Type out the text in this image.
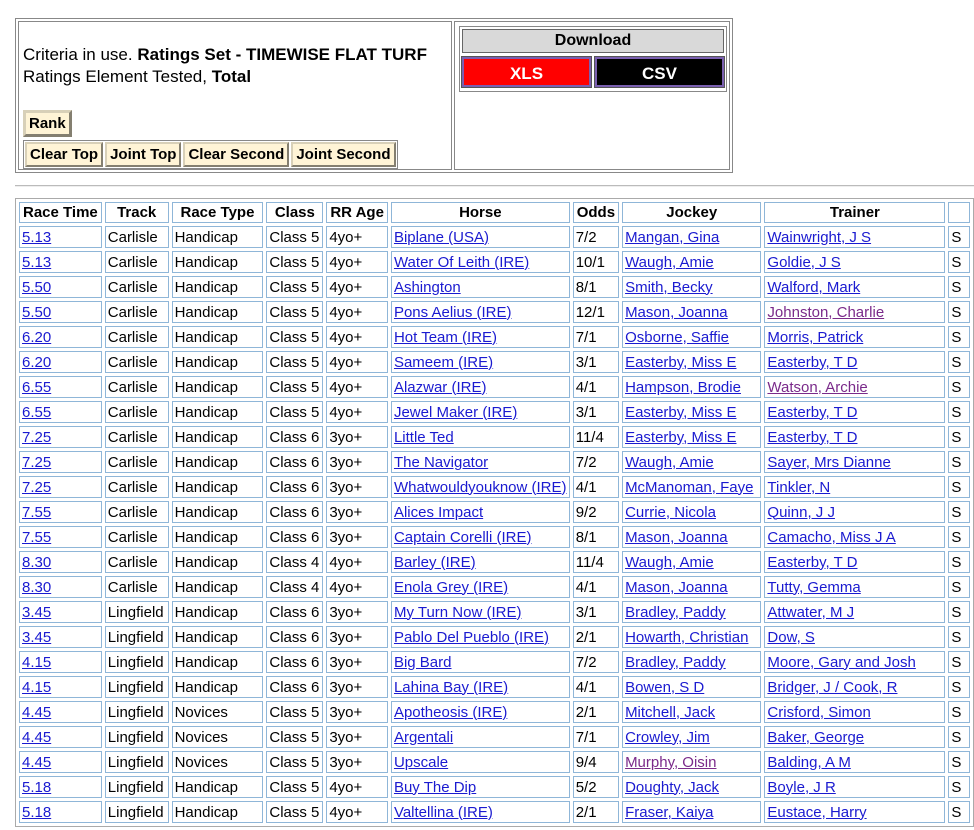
Criteria in use. Ratings Set - TIMEWISE FLAT TURF
Ratings Element Tested, Total
Rank
Clear Top Joint Top Clear Second Joint Second
Download
XLS	CSV
Race Time	Track	Race Type	Class	RR Age	Horse	Odds	Jockey	Trainer	
5.13	Carlisle	Handicap	Class 5	4yo+	Biplane (USA)	7/2	Mangan, Gina	Wainwright, J S	S
5.13	Carlisle	Handicap	Class 5	4yo+	Water Of Leith (IRE)	10/1	Waugh, Amie	Goldie, J S	S
5.50	Carlisle	Handicap	Class 5	4yo+	Ashington	8/1	Smith, Becky	Walford, Mark	S
5.50	Carlisle	Handicap	Class 5	4yo+	Pons Aelius (IRE)	12/1	Mason, Joanna	Johnston, Charlie	S
6.20	Carlisle	Handicap	Class 5	4yo+	Hot Team (IRE)	7/1	Osborne, Saffie	Morris, Patrick	S
6.20	Carlisle	Handicap	Class 5	4yo+	Sameem (IRE)	3/1	Easterby, Miss E	Easterby, T D	S
6.55	Carlisle	Handicap	Class 5	4yo+	Alazwar (IRE)	4/1	Hampson, Brodie	Watson, Archie	S
6.55	Carlisle	Handicap	Class 5	4yo+	Jewel Maker (IRE)	3/1	Easterby, Miss E	Easterby, T D	S
7.25	Carlisle	Handicap	Class 6	3yo+	Little Ted	11/4	Easterby, Miss E	Easterby, T D	S
7.25	Carlisle	Handicap	Class 6	3yo+	The Navigator	7/2	Waugh, Amie	Sayer, Mrs Dianne	S
7.25	Carlisle	Handicap	Class 6	3yo+	Whatwouldyouknow (IRE)	4/1	McManoman, Faye	Tinkler, N	S
7.55	Carlisle	Handicap	Class 6	3yo+	Alices Impact	9/2	Currie, Nicola	Quinn, J J	S
7.55	Carlisle	Handicap	Class 6	3yo+	Captain Corelli (IRE)	8/1	Mason, Joanna	Camacho, Miss J A	S
8.30	Carlisle	Handicap	Class 4	4yo+	Barley (IRE)	11/4	Waugh, Amie	Easterby, T D	S
8.30	Carlisle	Handicap	Class 4	4yo+	Enola Grey (IRE)	4/1	Mason, Joanna	Tutty, Gemma	S
3.45	Lingfield	Handicap	Class 6	3yo+	My Turn Now (IRE)	3/1	Bradley, Paddy	Attwater, M J	S
3.45	Lingfield	Handicap	Class 6	3yo+	Pablo Del Pueblo (IRE)	2/1	Howarth, Christian	Dow, S	S
4.15	Lingfield	Handicap	Class 6	3yo+	Big Bard	7/2	Bradley, Paddy	Moore, Gary and Josh	S
4.15	Lingfield	Handicap	Class 6	3yo+	Lahina Bay (IRE)	4/1	Bowen, S D	Bridger, J / Cook, R	S
4.45	Lingfield	Novices	Class 5	3yo+	Apotheosis (IRE)	2/1	Mitchell, Jack	Crisford, Simon	S
4.45	Lingfield	Novices	Class 5	3yo+	Argentali	7/1	Crowley, Jim	Baker, George	S
4.45	Lingfield	Novices	Class 5	3yo+	Upscale	9/4	Murphy, Oisin	Balding, A M	S
5.18	Lingfield	Handicap	Class 5	4yo+	Buy The Dip	5/2	Doughty, Jack	Boyle, J R	S
5.18	Lingfield	Handicap	Class 5	4yo+	Valtellina (IRE)	2/1	Fraser, Kaiya	Eustace, Harry	S
